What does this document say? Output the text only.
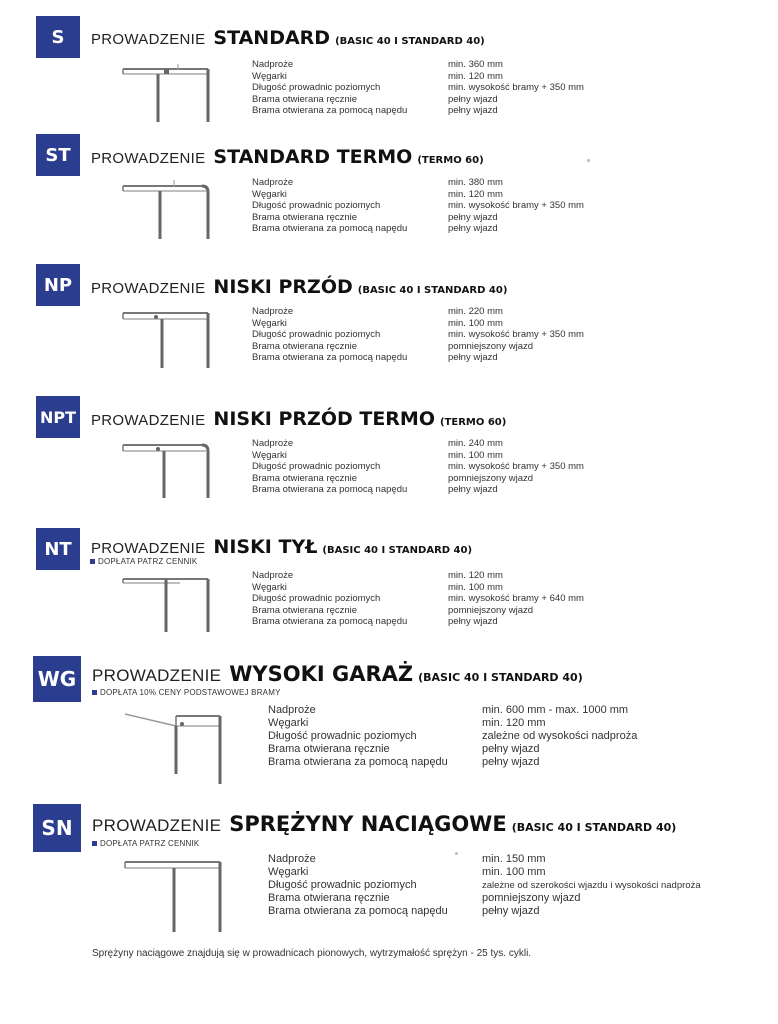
S	PROWADZENIE STANDARD (BASIC 40 I STANDARD 40)
Nadproże	min. 360 mm
Węgarki	min. 120 mm
Długość prowadnic poziomych	min. wysokość bramy + 350 mm
Brama otwierana ręcznie	pełny wjazd
Brama otwierana za pomocą napędu	pełny wjazd
ST	PROWADZENIE STANDARD TERMO (TERMO 60)
Nadproże	min. 380 mm
Węgarki	min. 120 mm
Długość prowadnic poziomych	min. wysokość bramy + 350 mm
Brama otwierana ręcznie	pełny wjazd
Brama otwierana za pomocą napędu	pełny wjazd
NP	PROWADZENIE NISKI PRZÓD (BASIC 40 I STANDARD 40)
Nadproże	min. 220 mm
Węgarki	min. 100 mm
Długość prowadnic poziomych	min. wysokość bramy + 350 mm
Brama otwierana ręcznie	pomniejszony wjazd
Brama otwierana za pomocą napędu	pełny wjazd
NPT PROWADZENIE NISKI PRZÓD TERMO (TERMO 60)
Nadproże	min. 240 mm
Węgarki	min. 100 mm
Długość prowadnic poziomych	min. wysokość bramy + 350 mm
Brama otwierana ręcznie	pomniejszony wjazd
Brama otwierana za pomocą napędu	pełny wjazd
NT	PROWADZENIE NISKI TYŁ (BASIC 40 I STANDARD 40)
DOPŁATA PATRZ CENNIK
Nadproże	min. 120 mm
Węgarki	min. 100 mm
Długość prowadnic poziomych	min. wysokość bramy + 640 mm
Brama otwierana ręcznie	pomniejszony wjazd
Brama otwierana za pomocą napędu	pełny wjazd
WG PROWADZENIE WYSOKI GARAŻ (BASIC 40 I STANDARD 40)
DOPŁATA 10% CENY PODSTAWOWEJ BRAMY
Nadproże	min. 600 mm - max. 1000 mm
Węgarki	min. 120 mm
Długość prowadnic poziomych	zależne od wysokości nadproża
Brama otwierana ręcznie	pełny wjazd
Brama otwierana za pomocą napędu	pełny wjazd
SN	PROWADZENIE SPRĘŻYNY NACIĄGOWE (BASIC 40 I STANDARD 40)
DOPŁATA PATRZ CENNIK
Nadproże	min. 150 mm
Węgarki	min. 100 mm
Długość prowadnic poziomych	zależne od szerokości wjazdu i wysokości nadproża
Brama otwierana ręcznie	pomniejszony wjazd
Brama otwierana za pomocą napędu	pełny wjazd
Sprężyny naciągowe znajdują się w prowadnicach pionowych, wytrzymałość sprężyn - 25 tys. cykli.
